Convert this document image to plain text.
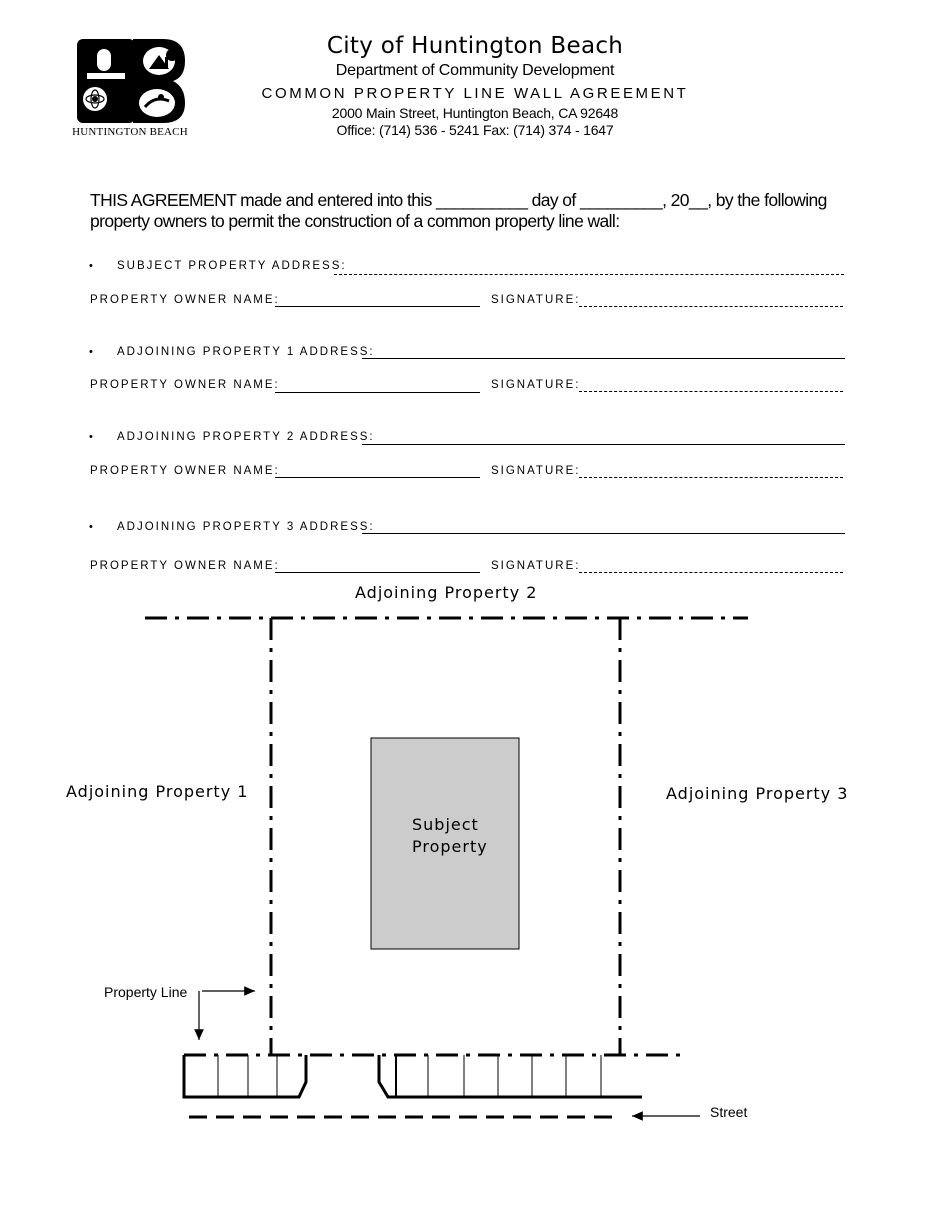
HUNTINGTON BEACH
City of Huntington Beach
Department of Community Development
COMMON PROPERTY LINE WALL AGREEMENT
2000 Main Street, Huntington Beach, CA 92648
Office: (714) 536 - 5241 Fax: (714) 374 - 1647
THIS AGREEMENT made and entered into this __________ day of _________, 20__, by the following property owners to permit the construction of a common property line wall:
• SUBJECT PROPERTY ADDRESS:
PROPERTY OWNER NAME:	SIGNATURE:
• ADJOINING PROPERTY 1 ADDRESS:
PROPERTY OWNER NAME:	SIGNATURE:
• ADJOINING PROPERTY 2 ADDRESS:
PROPERTY OWNER NAME:	SIGNATURE:
• ADJOINING PROPERTY 3 ADDRESS:
PROPERTY OWNER NAME:	SIGNATURE:
Adjoining Property 2
Adjoining Property 1	Adjoining Property 3
Subject
Property
Property Line
Street
